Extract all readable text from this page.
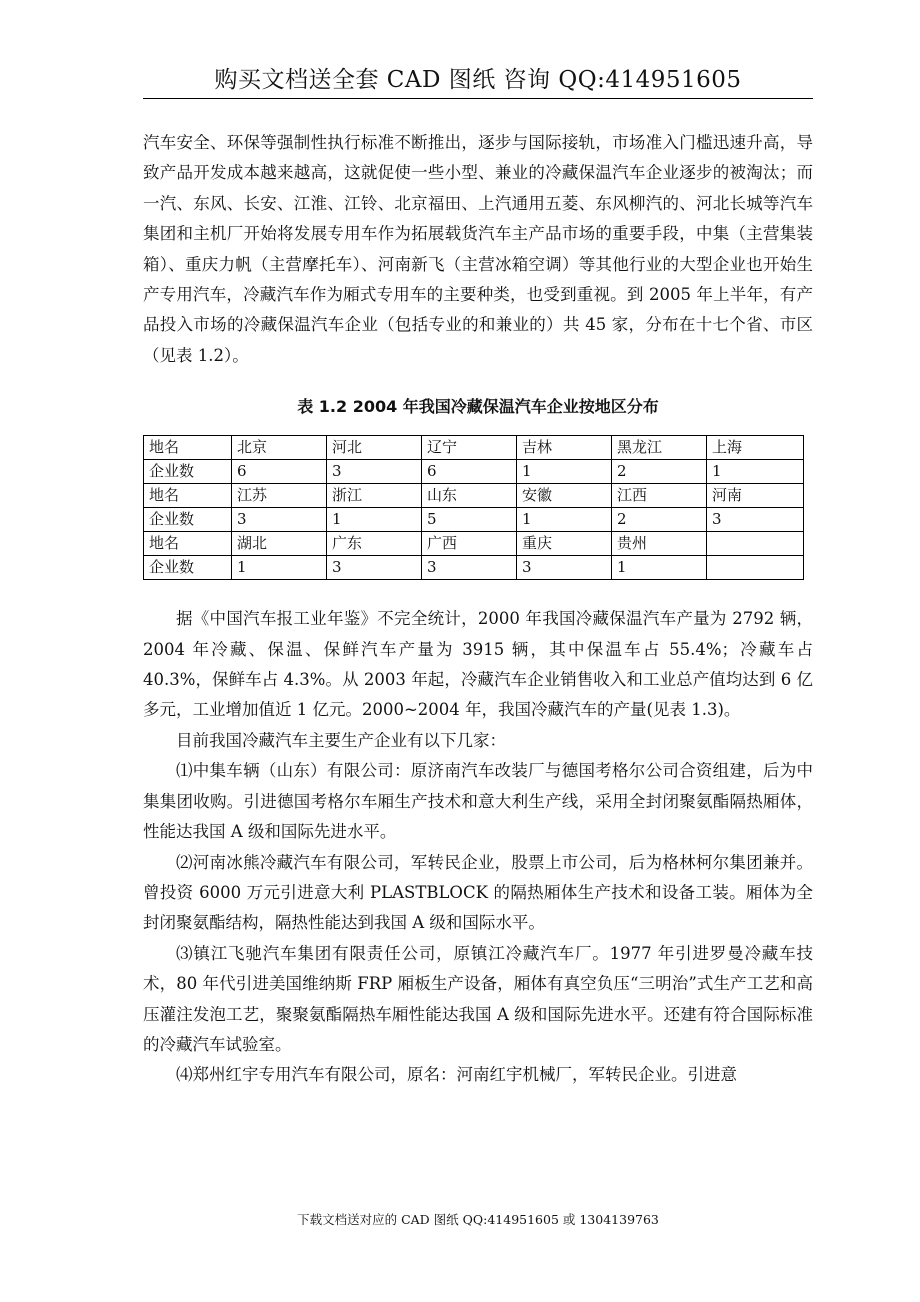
购买文档送全套 CAD 图纸 咨询 QQ:414951605

汽车安全、环保等强制性执行标准不断推出，逐步与国际接轨，市场准入门槛迅速升高，导致产品开发成本越来越高，这就促使一些小型、兼业的冷藏保温汽车企业逐步的被淘汰；而一汽、东风、长安、江淮、江铃、北京福田、上汽通用五菱、东风柳汽的、河北长城等汽车集团和主机厂开始将发展专用车作为拓展载货汽车主产品市场的重要手段，中集（主营集装箱）、重庆力帆（主营摩托车）、河南新飞（主营冰箱空调）等其他行业的大型企业也开始生产专用汽车，冷藏汽车作为厢式专用车的主要种类，也受到重视。到 2005 年上半年，有产品投入市场的冷藏保温汽车企业（包括专业的和兼业的）共 45 家，分布在十七个省、市区（见表 1.2）。

表 1.2 2004 年我国冷藏保温汽车企业按地区分布
地名	北京	河北	辽宁	吉林	黑龙江	上海
企业数	6	3	6	1	2	1
地名	江苏	浙江	山东	安徽	江西	河南
企业数	3	1	5	1	2	3
地名	湖北	广东	广西	重庆	贵州	
企业数	1	3	3	3	1	

据《中国汽车报工业年鉴》不完全统计，2000 年我国冷藏保温汽车产量为 2792 辆，2004 年冷藏、保温、保鲜汽车产量为 3915 辆，其中保温车占 55.4%；冷藏车占 40.3%，保鲜车占 4.3%。从 2003 年起，冷藏汽车企业销售收入和工业总产值均达到 6 亿多元，工业增加值近 1 亿元。2000~2004 年，我国冷藏汽车的产量(见表 1.3)。

目前我国冷藏汽车主要生产企业有以下几家：

⑴中集车辆（山东）有限公司：原济南汽车改装厂与德国考格尔公司合资组建，后为中集集团收购。引进德国考格尔车厢生产技术和意大利生产线，采用全封闭聚氨酯隔热厢体，性能达我国 A 级和国际先进水平。

⑵河南冰熊冷藏汽车有限公司，军转民企业，股票上市公司，后为格林柯尔集团兼并。曾投资 6000 万元引进意大利 PLASTBLOCK 的隔热厢体生产技术和设备工装。厢体为全封闭聚氨酯结构，隔热性能达到我国 A 级和国际水平。

⑶镇江飞驰汽车集团有限责任公司，原镇江冷藏汽车厂。1977 年引进罗曼冷藏车技术，80 年代引进美国维纳斯 FRP 厢板生产设备，厢体有真空负压“三明治”式生产工艺和高压灌注发泡工艺，聚聚氨酯隔热车厢性能达我国 A 级和国际先进水平。还建有符合国际标准的冷藏汽车试验室。

⑷郑州红宇专用汽车有限公司，原名：河南红宇机械厂，军转民企业。引进意

下载文档送对应的 CAD 图纸 QQ:414951605 或 1304139763
